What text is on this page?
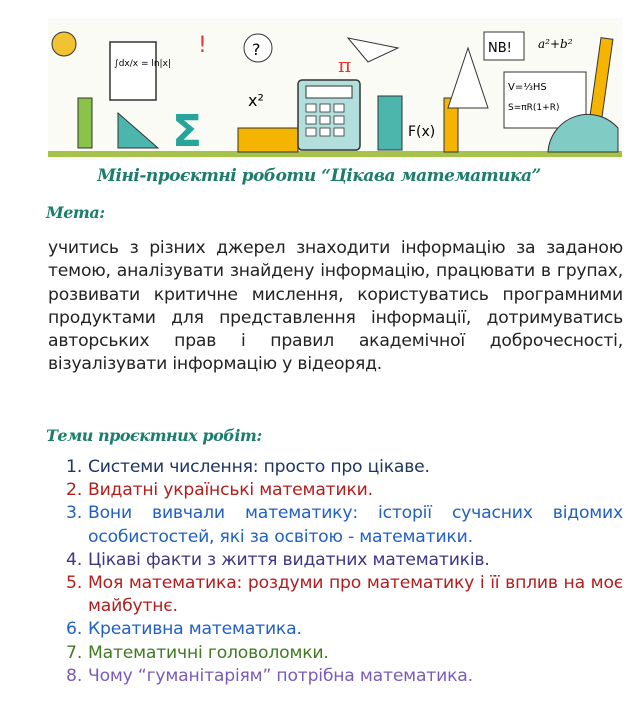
∫dx/x = ln|x|
Σ
!	?
x²
π
F(x)
NB! a²+b²
V=⅓HS
S=πR(1+R)
Міні-проєктні роботи “Цікава математика”
Мета:
учитись з різних джерел знаходити інформацію за заданою темою, аналізувати знайдену інформацію, працювати в групах, розвивати критичне мислення, користуватись програмними продуктами для представлення інформації, дотримуватись авторських прав і правил академічної доброчесності, візуалізувати інформацію у відеоряд.
Теми проєктних робіт:
1. Системи числення: просто про цікаве.
2. Видатні українські математики.
3. Вони вивчали математику: історії сучасних відомих особистостей, які за освітою - математики.
4. Цікаві факти з життя видатних математиків.
5. Моя математика: роздуми про математику і її вплив на моє майбутнє.
6. Креативна математика.
7. Математичні головоломки.
8. Чому “гуманітаріям” потрібна математика.
